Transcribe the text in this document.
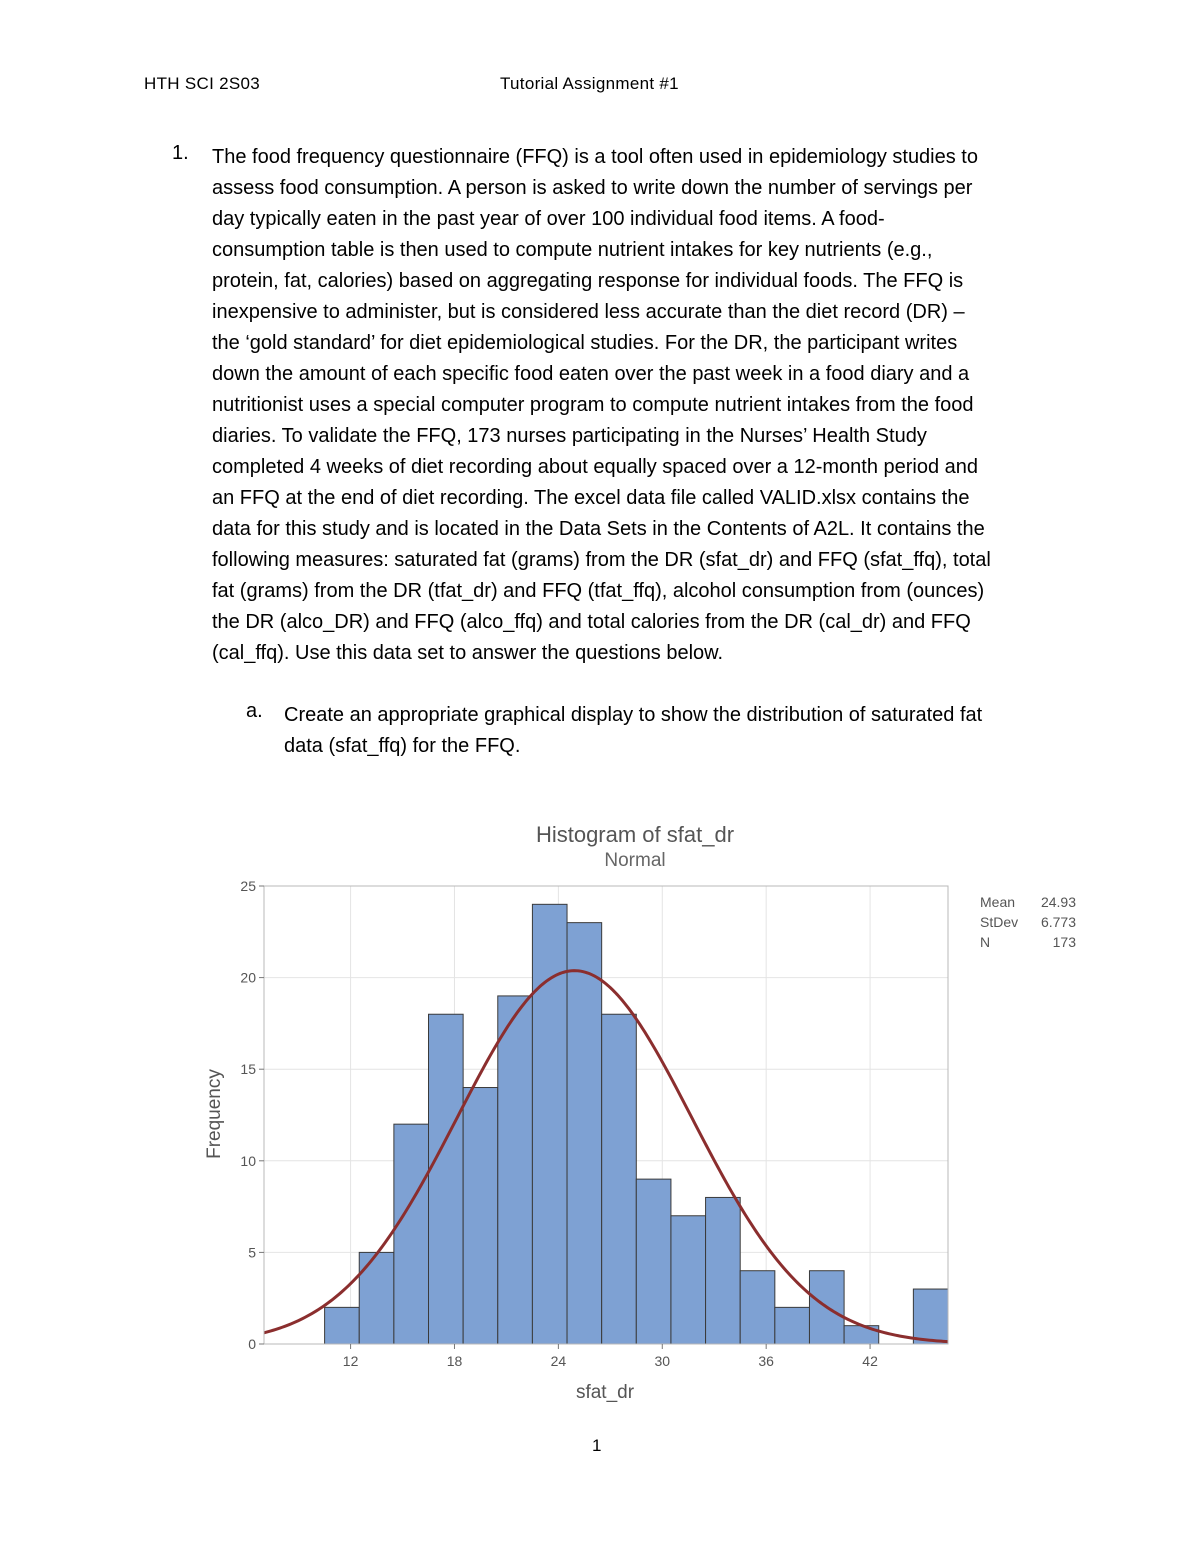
HTH SCI 2S03	Tutorial Assignment #1
1. The food frequency questionnaire (FFQ) is a tool often used in epidemiology studies to
assess food consumption. A person is asked to write down the number of servings per
day typically eaten in the past year of over 100 individual food items. A food-
consumption table is then used to compute nutrient intakes for key nutrients (e.g.,
protein, fat, calories) based on aggregating response for individual foods. The FFQ is
inexpensive to administer, but is considered less accurate than the diet record (DR) –
the ‘gold standard’ for diet epidemiological studies. For the DR, the participant writes
down the amount of each specific food eaten over the past week in a food diary and a
nutritionist uses a special computer program to compute nutrient intakes from the food
diaries. To validate the FFQ, 173 nurses participating in the Nurses’ Health Study
completed 4 weeks of diet recording about equally spaced over a 12-month period and
an FFQ at the end of diet recording. The excel data file called VALID.xlsx contains the
data for this study and is located in the Data Sets in the Contents of A2L. It contains the
following measures: saturated fat (grams) from the DR (sfat_dr) and FFQ (sfat_ffq), total
fat (grams) from the DR (tfat_dr) and FFQ (tfat_ffq), alcohol consumption from (ounces)
the DR (alco_DR) and FFQ (alco_ffq) and total calories from the DR (cal_dr) and FFQ
(cal_ffq). Use this data set to answer the questions below.
a. Create an appropriate graphical display to show the distribution of saturated fat
data (sfat_ffq) for the FFQ.
Histogram of sfat_dr
Normal
0
5
10
15
20
25
12	18	24	30	36	42
sfat_dr
Frequency
Mean 24.93
StDev 6.773
N	173
1
